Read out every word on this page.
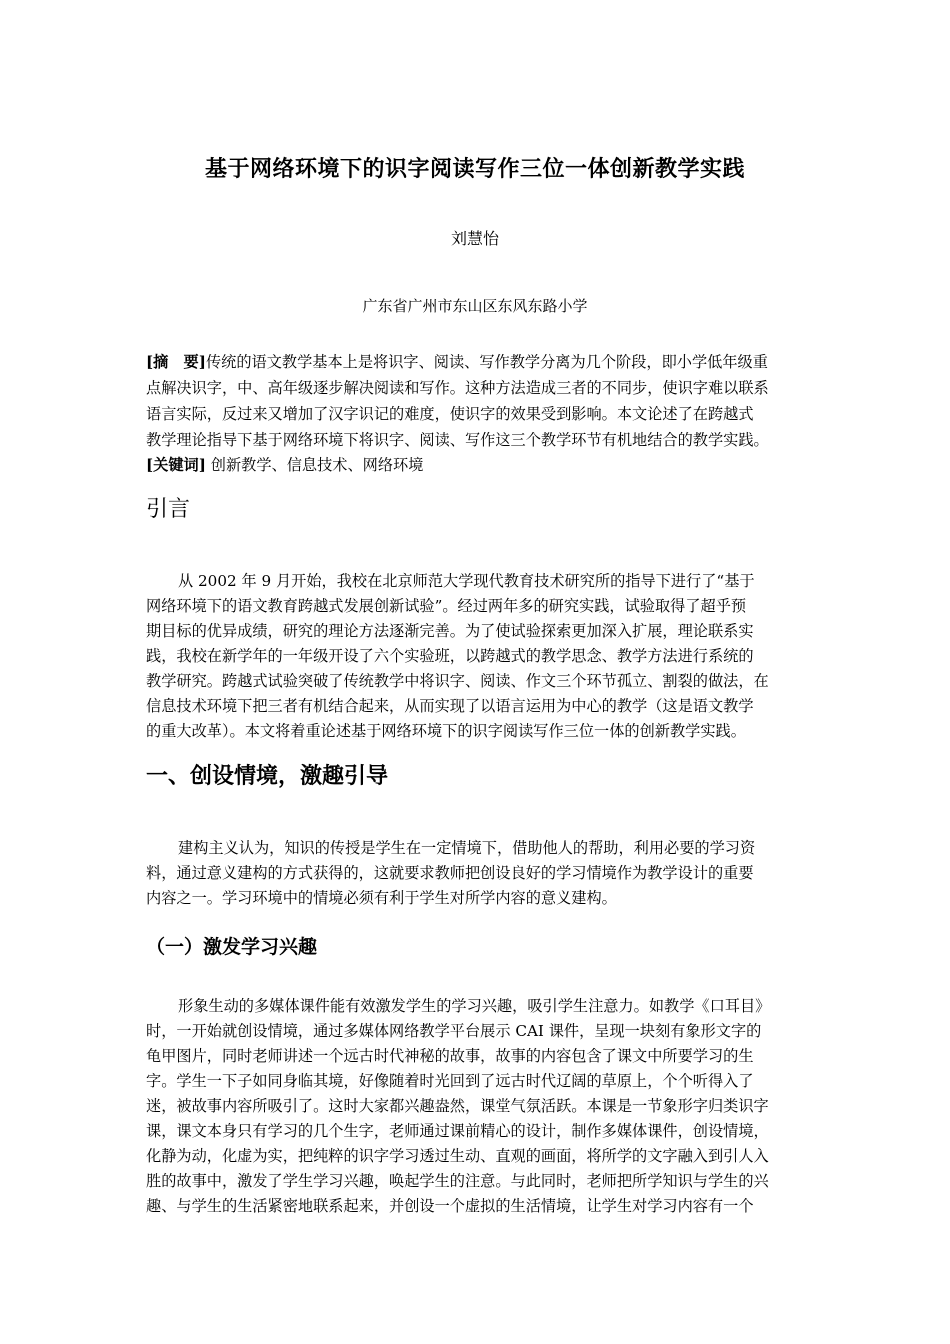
基于网络环境下的识字阅读写作三位一体创新教学实践
刘慧怡
广东省广州市东山区东风东路小学
[摘　要]传统的语文教学基本上是将识字、阅读、写作教学分离为几个阶段，即小学低年级重
点解决识字，中、高年级逐步解决阅读和写作。这种方法造成三者的不同步，使识字难以联系
语言实际，反过来又增加了汉字识记的难度，使识字的效果受到影响。本文论述了在跨越式
教学理论指导下基于网络环境下将识字、阅读、写作这三个教学环节有机地结合的教学实践。
[关键词] 创新教学、信息技术、网络环境
引言
从 2002 年 9 月开始，我校在北京师范大学现代教育技术研究所的指导下进行了“基于
网络环境下的语文教育跨越式发展创新试验”。经过两年多的研究实践，试验取得了超乎预
期目标的优异成绩，研究的理论方法逐渐完善。为了使试验探索更加深入扩展，理论联系实
践，我校在新学年的一年级开设了六个实验班，以跨越式的教学思念、教学方法进行系统的
教学研究。跨越式试验突破了传统教学中将识字、阅读、作文三个环节孤立、割裂的做法，在
信息技术环境下把三者有机结合起来，从而实现了以语言运用为中心的教学（这是语文教学
的重大改革）。本文将着重论述基于网络环境下的识字阅读写作三位一体的创新教学实践。
一、创设情境，激趣引导
建构主义认为，知识的传授是学生在一定情境下，借助他人的帮助，利用必要的学习资
料，通过意义建构的方式获得的，这就要求教师把创设良好的学习情境作为教学设计的重要
内容之一。学习环境中的情境必须有利于学生对所学内容的意义建构。
（一）激发学习兴趣
形象生动的多媒体课件能有效激发学生的学习兴趣，吸引学生注意力。如教学《口耳目》
时，一开始就创设情境，通过多媒体网络教学平台展示 CAI 课件，呈现一块刻有象形文字的
龟甲图片，同时老师讲述一个远古时代神秘的故事，故事的内容包含了课文中所要学习的生
字。学生一下子如同身临其境，好像随着时光回到了远古时代辽阔的草原上，个个听得入了
迷，被故事内容所吸引了。这时大家都兴趣盎然，课堂气氛活跃。本课是一节象形字归类识字
课，课文本身只有学习的几个生字，老师通过课前精心的设计，制作多媒体课件，创设情境，
化静为动，化虚为实，把纯粹的识字学习透过生动、直观的画面，将所学的文字融入到引人入
胜的故事中，激发了学生学习兴趣，唤起学生的注意。与此同时，老师把所学知识与学生的兴
趣、与学生的生活紧密地联系起来，并创设一个虚拟的生活情境，让学生对学习内容有一个
